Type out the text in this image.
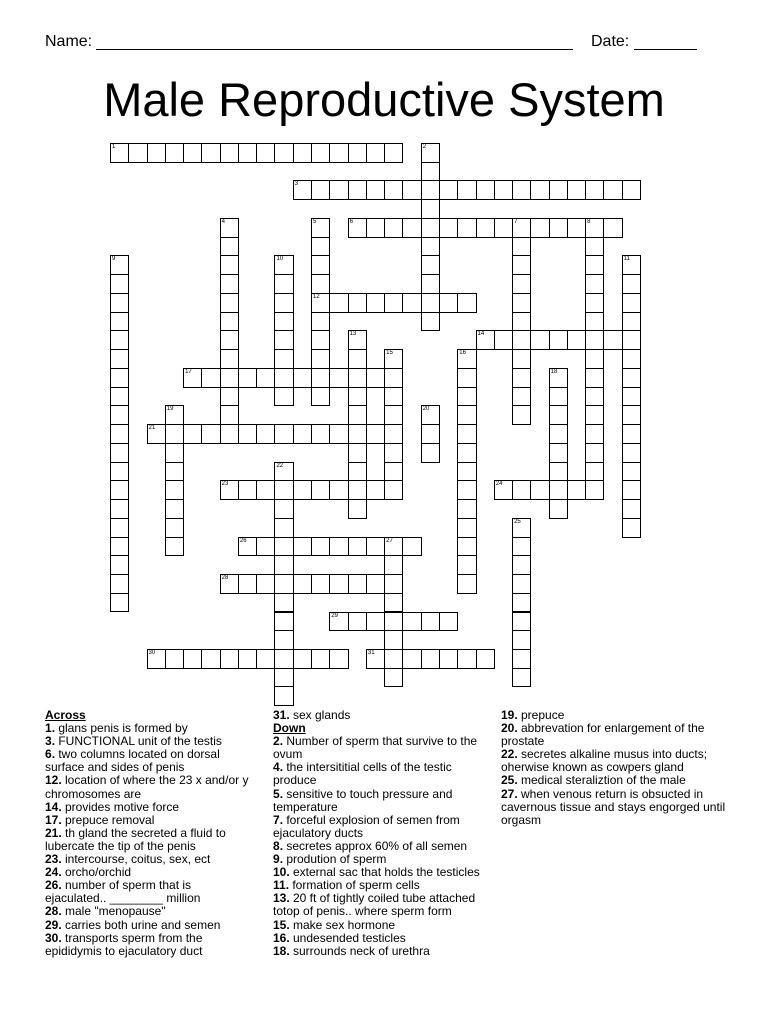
Name:	Date:
Male Reproductive System
1
3
6	7	8
12
14
17
21
23	24
26	27
28
29
30	31
2
4	5
9	10	11
13
15	16
18
19	20
22
25
Across
1 . glans penis is formed by
3 . FUNCTIONAL unit of the testis
6 . two columns located on dorsal
surface and sides of penis
12 . location of where the 23 x and/or y
chromosomes are
14 . provides motive force
17 . prepuce removal
21 . th gland the secreted a fluid to
lubercate the tip of the penis
23 . intercourse, coitus, sex, ect
24 . orcho/orchid
26 . number of sperm that is
ejaculated.. ________ million
28 . male "menopause"
29 . carries both urine and semen
30 . transports sperm from the
epididymis to ejaculatory duct
31 . sex glands
Down
2 . Number of sperm that survive to the
ovum
4 . the intersititial cells of the testic
produce
5 . sensitive to touch pressure and
temperature
7 . forceful explosion of semen from
ejaculatory ducts
8 . secretes approx 60% of all semen
9 . prodution of sperm
10 . external sac that holds the testicles
11 . formation of sperm cells
13 . 20 ft of tightly coiled tube attached
totop of penis.. where sperm form
15 . make sex hormone
16 . undesended testicles
18 . surrounds neck of urethra
19 . prepuce
20 . abbrevation for enlargement of the
prostate
22 . secretes alkaline musus into ducts;
oherwise known as cowpers gland
25 . medical steraliztion of the male
27 . when venous return is obsucted in
cavernous tissue and stays engorged until
orgasm
